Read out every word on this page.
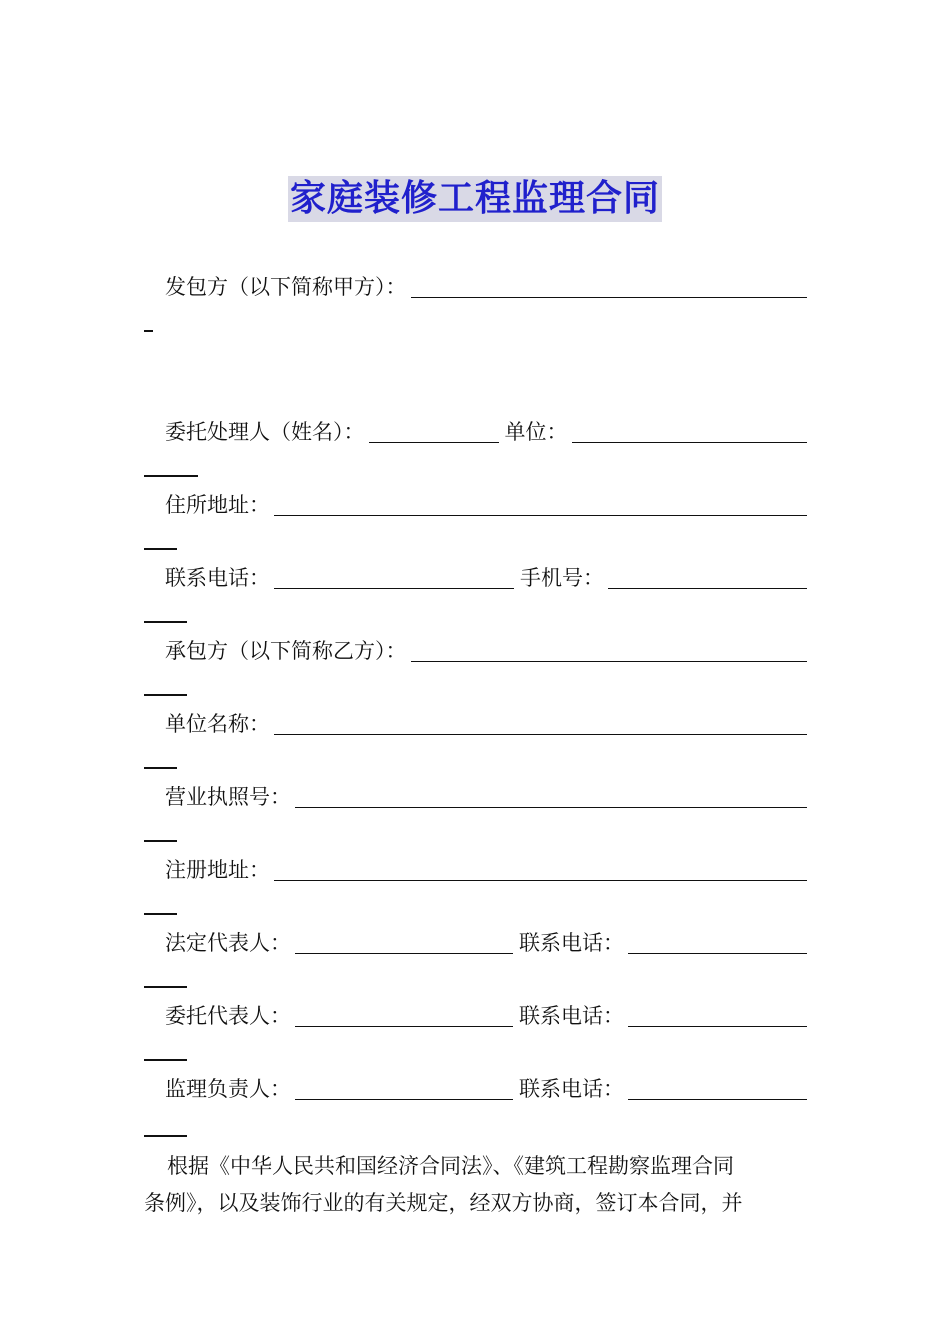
家庭装修工程监理合同
发包方（以下简称甲方）：
委托处理人（姓名）：	单位：
住所地址：
联系电话：	手机号：
承包方（以下简称乙方）：
单位名称：
营业执照号：
注册地址：
法定代表人：	联系电话：
委托代表人：	联系电话：
监理负责人：	联系电话：

根据《中华人民共和国经济合同法》、《建筑工程勘察监理合同

条例》，以及装饰行业的有关规定，经双方协商，签订本合同，并
